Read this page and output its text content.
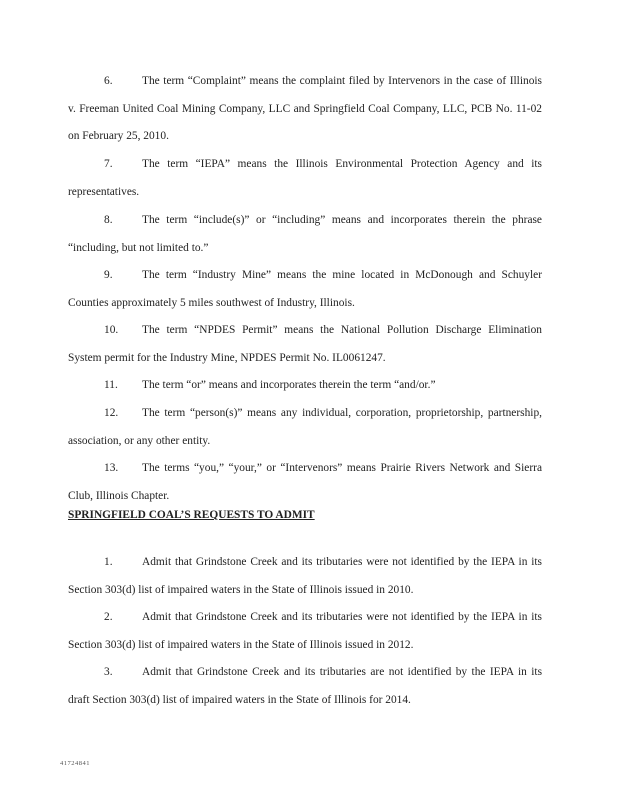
6.	The term “Complaint” means the complaint filed by Intervenors in the case of Illinois v. Freeman United Coal Mining Company, LLC and Springfield Coal Company, LLC, PCB No. 11-02 on February 25, 2010.
7.	The term “IEPA” means the Illinois Environmental Protection Agency and its representatives.
8.	The term “include(s)” or “including” means and incorporates therein the phrase “including, but not limited to.”
9.	The term “Industry Mine” means the mine located in McDonough and Schuyler Counties approximately 5 miles southwest of Industry, Illinois.
10. The term “NPDES Permit” means the National Pollution Discharge Elimination System permit for the Industry Mine, NPDES Permit No. IL0061247.
11. The term “or” means and incorporates therein the term “and/or.”
12. The term “person(s)” means any individual, corporation, proprietorship, partnership, association, or any other entity.
13. The terms “you,” “your,” or “Intervenors” means Prairie Rivers Network and Sierra Club, Illinois Chapter.
SPRINGFIELD COAL’S REQUESTS TO ADMIT
1.	Admit that Grindstone Creek and its tributaries were not identified by the IEPA in its Section 303(d) list of impaired waters in the State of Illinois issued in 2010.
2.	Admit that Grindstone Creek and its tributaries were not identified by the IEPA in its Section 303(d) list of impaired waters in the State of Illinois issued in 2012.
3.	Admit that Grindstone Creek and its tributaries are not identified by the IEPA in its draft Section 303(d) list of impaired waters in the State of Illinois for 2014.
41724841
